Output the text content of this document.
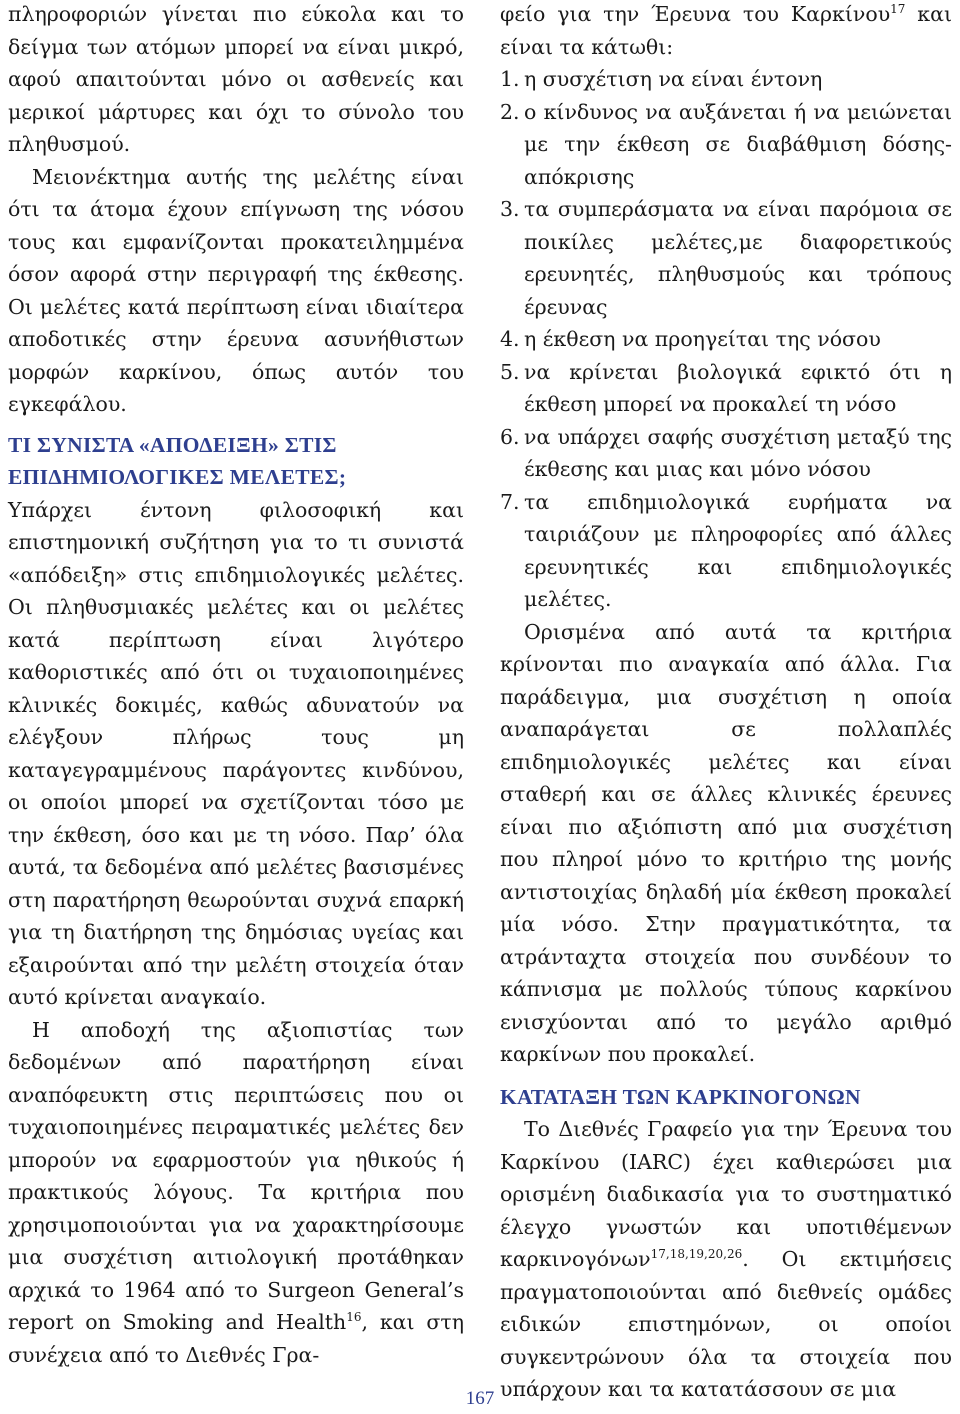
πληροφοριών γίνεται πιο εύκολα και το δείγμα των ατόμων μπορεί να είναι μικρό, αφού απαιτούνται μόνο οι ασθενείς και μερικοί μάρτυρες και όχι το σύνολο του πληθυσμού.

Μειονέκτημα αυτής της μελέτης είναι ότι τα άτομα έχουν επίγνωση της νόσου τους και εμφανίζονται προκατειλημμένα όσον αφορά στην περιγραφή της έκθεσης. Οι μελέτες κατά περίπτωση είναι ιδιαίτερα αποδοτικές στην έρευνα ασυνήθιστων μορφών καρκίνου, όπως αυτόν του εγκεφάλου.

ΤΙ ΣΥΝΙΣΤΑ «ΑΠΟΔΕΙΞΗ» ΣΤΙΣ ΕΠΙΔΗΜΙΟΛΟΓΙΚΕΣ ΜΕΛΕΤΕΣ;

Υπάρχει έντονη φιλοσοφική και επιστημονική συζήτηση για το τι συνιστά «απόδειξη» στις επιδημιολογικές μελέτες. Οι πληθυσμιακές μελέτες και οι μελέτες κατά περίπτωση είναι λιγότερο καθοριστικές από ότι οι τυχαιοποιημένες κλινικές δοκιμές, καθώς αδυνατούν να ελέγξουν πλήρως τους μη καταγεγραμμένους παράγοντες κινδύνου, οι οποίοι μπορεί να σχετίζονται τόσο με την έκθεση, όσο και με τη νόσο. Παρ’ όλα αυτά, τα δεδομένα από μελέτες βασισμένες στη παρατήρηση θεωρούνται συχνά επαρκή για τη διατήρηση της δημόσιας υγείας και εξαιρούνται από την μελέτη στοιχεία όταν αυτό κρίνεται αναγκαίο.

Η αποδοχή της αξιοπιστίας των δεδομένων από παρατήρηση είναι αναπόφευκτη στις περιπτώσεις που οι τυχαιοποιημένες πειραματικές μελέτες δεν μπορούν να εφαρμοστούν για ηθικούς ή πρακτικούς λόγους. Τα κριτήρια που χρησιμοποιούνται για να χαρακτηρίσουμε μια συσχέτιση αιτιολογική προτάθηκαν αρχικά το 1964 από το Surgeon General’s report on Smoking and Health$^{16}$, και στη συνέχεια από το Διεθνές Γρα-

φείο για την Έρευνα του Καρκίνου$^{17}$ και είναι τα κάτωθι:

1. η συσχέτιση να είναι έντονη
2. ο κίνδυνος να αυξάνεται ή να μειώνεται με την έκθεση σε διαβάθμιση δόσης-απόκρισης
3. τα συμπεράσματα να είναι παρόμοια σε ποικίλες μελέτες,με διαφορετικούς ερευνητές, πληθυσμούς και τρόπους έρευνας
4. η έκθεση να προηγείται της νόσου
5. να κρίνεται βιολογικά εφικτό ότι η έκθεση μπορεί να προκαλεί τη νόσο
6. να υπάρχει σαφής συσχέτιση μεταξύ της έκθεσης και μιας και μόνο νόσου
7. τα επιδημιολογικά ευρήματα να ταιριάζουν με πληροφορίες από άλλες ερευνητικές και επιδημιολογικές μελέτες.

Ορισμένα από αυτά τα κριτήρια κρίνονται πιο αναγκαία από άλλα. Για παράδειγμα, μια συσχέτιση η οποία αναπαράγεται σε πολλαπλές επιδημιολογικές μελέτες και είναι σταθερή και σε άλλες κλινικές έρευνες είναι πιο αξιόπιστη από μια συσχέτιση που πληροί μόνο το κριτήριο της μονής αντιστοιχίας δηλαδή μία έκθεση προκαλεί μία νόσο. Στην πραγματικότητα, τα ατράνταχτα στοιχεία που συνδέουν το κάπνισμα με πολλούς τύπους καρκίνου ενισχύονται από το μεγάλο αριθμό καρκίνων που προκαλεί.

ΚΑΤΑΤΑΞΗ ΤΩΝ ΚΑΡΚΙΝΟΓΟΝΩΝ

Το Διεθνές Γραφείο για την Έρευνα του Καρκίνου (IARC) έχει καθιερώσει μια ορισμένη διαδικασία για το συστηματικό έλεγχο γνωστών και υποτιθέμενων καρκινογόνων$^{17,18,19,20,26}$. Οι εκτιμήσεις πραγματοποιούνται από διεθνείς ομάδες ειδικών επιστημόνων, οι οποίοι συγκεντρώνουν όλα τα στοιχεία που υπάρχουν και τα κατατάσσουν σε μια

167
